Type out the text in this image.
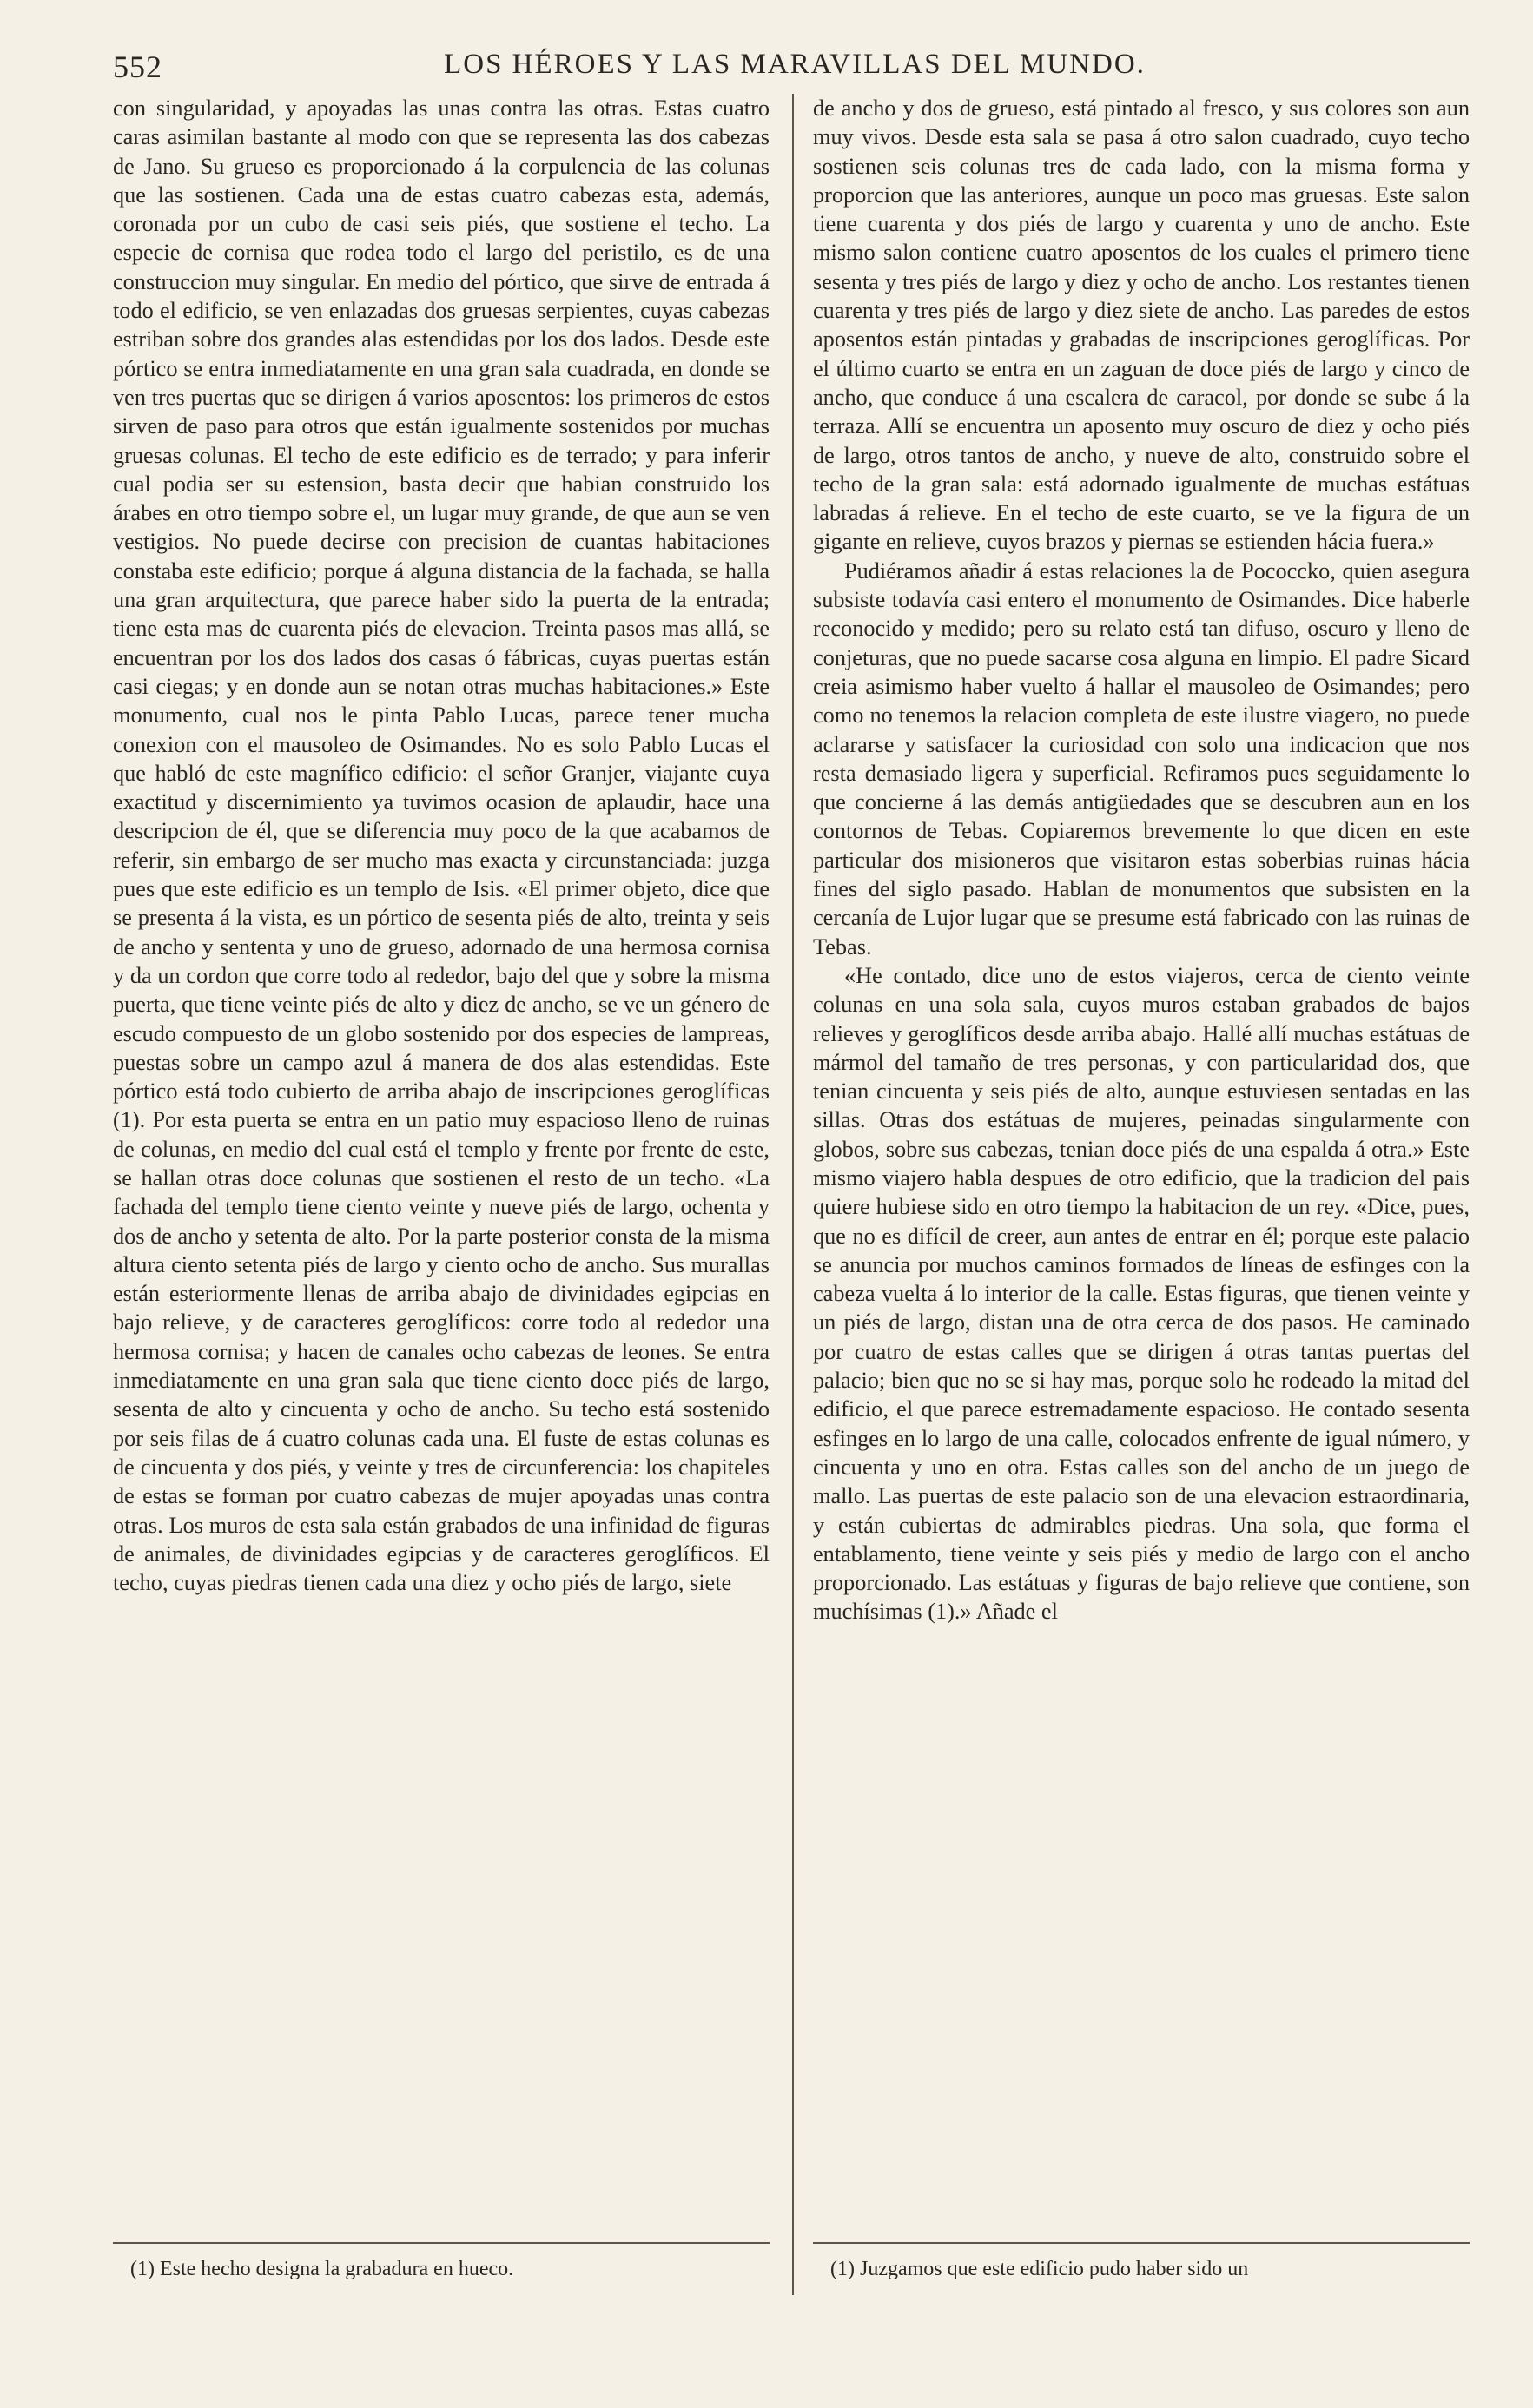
552	LOS HÉROES Y LAS MARAVILLAS DEL MUNDO.

con singularidad, y apoyadas las unas contra las otras. Estas cuatro caras asimilan bastante al modo con que se representa las dos cabezas de Jano. Su grueso es proporcionado á la corpulencia de las colunas que las sostienen. Cada una de estas cuatro cabezas esta, además, coronada por un cubo de casi seis piés, que sostiene el techo. La especie de cornisa que rodea todo el largo del peristilo, es de una construccion muy singular. En medio del pórtico, que sirve de entrada á todo el edificio, se ven enlazadas dos gruesas serpientes, cuyas cabezas estriban sobre dos grandes alas estendidas por los dos lados. Desde este pórtico se entra inmediatamente en una gran sala cuadrada, en donde se ven tres puertas que se dirigen á varios aposentos: los primeros de estos sirven de paso para otros que están igualmente sostenidos por muchas gruesas colunas. El techo de este edificio es de terrado; y para inferir cual podia ser su estension, basta decir que habian construido los árabes en otro tiempo sobre el, un lugar muy grande, de que aun se ven vestigios. No puede decirse con precision de cuantas habitaciones constaba este edificio; porque á alguna distancia de la fachada, se halla una gran arquitectura, que parece haber sido la puerta de la entrada; tiene esta mas de cuarenta piés de elevacion. Treinta pasos mas allá, se encuentran por los dos lados dos casas ó fábricas, cuyas puertas están casi ciegas; y en donde aun se notan otras muchas habitaciones.» Este monumento, cual nos le pinta Pablo Lucas, parece tener mucha conexion con el mausoleo de Osimandes. No es solo Pablo Lucas el que habló de este magnífico edificio: el señor Granjer, viajante cuya exactitud y discernimiento ya tuvimos ocasion de aplaudir, hace una descripcion de él, que se diferencia muy poco de la que acabamos de referir, sin embargo de ser mucho mas exacta y circunstanciada: juzga pues que este edificio es un templo de Isis. «El primer objeto, dice que se presenta á la vista, es un pórtico de sesenta piés de alto, treinta y seis de ancho y sententa y uno de grueso, adornado de una hermosa cornisa y da un cordon que corre todo al rededor, bajo del que y sobre la misma puerta, que tiene veinte piés de alto y diez de ancho, se ve un género de escudo compuesto de un globo sostenido por dos especies de lampreas, puestas sobre un campo azul á manera de dos alas estendidas. Este pórtico está todo cubierto de arriba abajo de inscripciones geroglíficas (1). Por esta puerta se entra en un patio muy espacioso lleno de ruinas de colunas, en medio del cual está el templo y frente por frente de este, se hallan otras doce colunas que sostienen el resto de un techo. «La fachada del templo tiene ciento veinte y nueve piés de largo, ochenta y dos de ancho y setenta de alto. Por la parte posterior consta de la misma altura ciento setenta piés de largo y ciento ocho de ancho. Sus murallas están esteriormente llenas de arriba abajo de divinidades egipcias en bajo relieve, y de caracteres geroglíficos: corre todo al rededor una hermosa cornisa; y hacen de canales ocho cabezas de leones. Se entra inmediatamente en una gran sala que tiene ciento doce piés de largo, sesenta de alto y cincuenta y ocho de ancho. Su techo está sostenido por seis filas de á cuatro colunas cada una. El fuste de estas colunas es de cincuenta y dos piés, y veinte y tres de circunferencia: los chapiteles de estas se forman por cuatro cabezas de mujer apoyadas unas contra otras. Los muros de esta sala están grabados de una infinidad de figuras de animales, de divinidades egipcias y de caracteres geroglíficos. El techo, cuyas piedras tienen cada una diez y ocho piés de largo, siete

de ancho y dos de grueso, está pintado al fresco, y sus colores son aun muy vivos. Desde esta sala se pasa á otro salon cuadrado, cuyo techo sostienen seis colunas tres de cada lado, con la misma forma y proporcion que las anteriores, aunque un poco mas gruesas. Este salon tiene cuarenta y dos piés de largo y cuarenta y uno de ancho. Este mismo salon contiene cuatro aposentos de los cuales el primero tiene sesenta y tres piés de largo y diez y ocho de ancho. Los restantes tienen cuarenta y tres piés de largo y diez siete de ancho. Las paredes de estos aposentos están pintadas y grabadas de inscripciones geroglíficas. Por el último cuarto se entra en un zaguan de doce piés de largo y cinco de ancho, que conduce á una escalera de caracol, por donde se sube á la terraza. Allí se encuentra un aposento muy oscuro de diez y ocho piés de largo, otros tantos de ancho, y nueve de alto, construido sobre el techo de la gran sala: está adornado igualmente de muchas estátuas labradas á relieve. En el techo de este cuarto, se ve la figura de un gigante en relieve, cuyos brazos y piernas se estienden hácia fuera.»

Pudiéramos añadir á estas relaciones la de Pococcko, quien asegura subsiste todavía casi entero el monumento de Osimandes. Dice haberle reconocido y medido; pero su relato está tan difuso, oscuro y lleno de conjeturas, que no puede sacarse cosa alguna en limpio. El padre Sicard creia asimismo haber vuelto á hallar el mausoleo de Osimandes; pero como no tenemos la relacion completa de este ilustre viagero, no puede aclararse y satisfacer la curiosidad con solo una indicacion que nos resta demasiado ligera y superficial. Refiramos pues seguidamente lo que concierne á las demás antigüedades que se descubren aun en los contornos de Tebas. Copiaremos brevemente lo que dicen en este particular dos misioneros que visitaron estas soberbias ruinas hácia fines del siglo pasado. Hablan de monumentos que subsisten en la cercanía de Lujor lugar que se presume está fabricado con las ruinas de Tebas.

«He contado, dice uno de estos viajeros, cerca de ciento veinte colunas en una sola sala, cuyos muros estaban grabados de bajos relieves y geroglíficos desde arriba abajo. Hallé allí muchas estátuas de mármol del tamaño de tres personas, y con particularidad dos, que tenian cincuenta y seis piés de alto, aunque estuviesen sentadas en las sillas. Otras dos estátuas de mujeres, peinadas singularmente con globos, sobre sus cabezas, tenian doce piés de una espalda á otra.» Este mismo viajero habla despues de otro edificio, que la tradicion del pais quiere hubiese sido en otro tiempo la habitacion de un rey. «Dice, pues, que no es difícil de creer, aun antes de entrar en él; porque este palacio se anuncia por muchos caminos formados de líneas de esfinges con la cabeza vuelta á lo interior de la calle. Estas figuras, que tienen veinte y un piés de largo, distan una de otra cerca de dos pasos. He caminado por cuatro de estas calles que se dirigen á otras tantas puertas del palacio; bien que no se si hay mas, porque solo he rodeado la mitad del edificio, el que parece estremadamente espacioso. He contado sesenta esfinges en lo largo de una calle, colocados enfrente de igual número, y cincuenta y uno en otra. Estas calles son del ancho de un juego de mallo. Las puertas de este palacio son de una elevacion estraordinaria, y están cubiertas de admirables piedras. Una sola, que forma el entablamento, tiene veinte y seis piés y medio de largo con el ancho proporcionado. Las estátuas y figuras de bajo relieve que contiene, son muchísimas (1).» Añade el

(1) Este hecho designa la grabadura en hueco.	(1) Juzgamos que este edificio pudo haber sido un
